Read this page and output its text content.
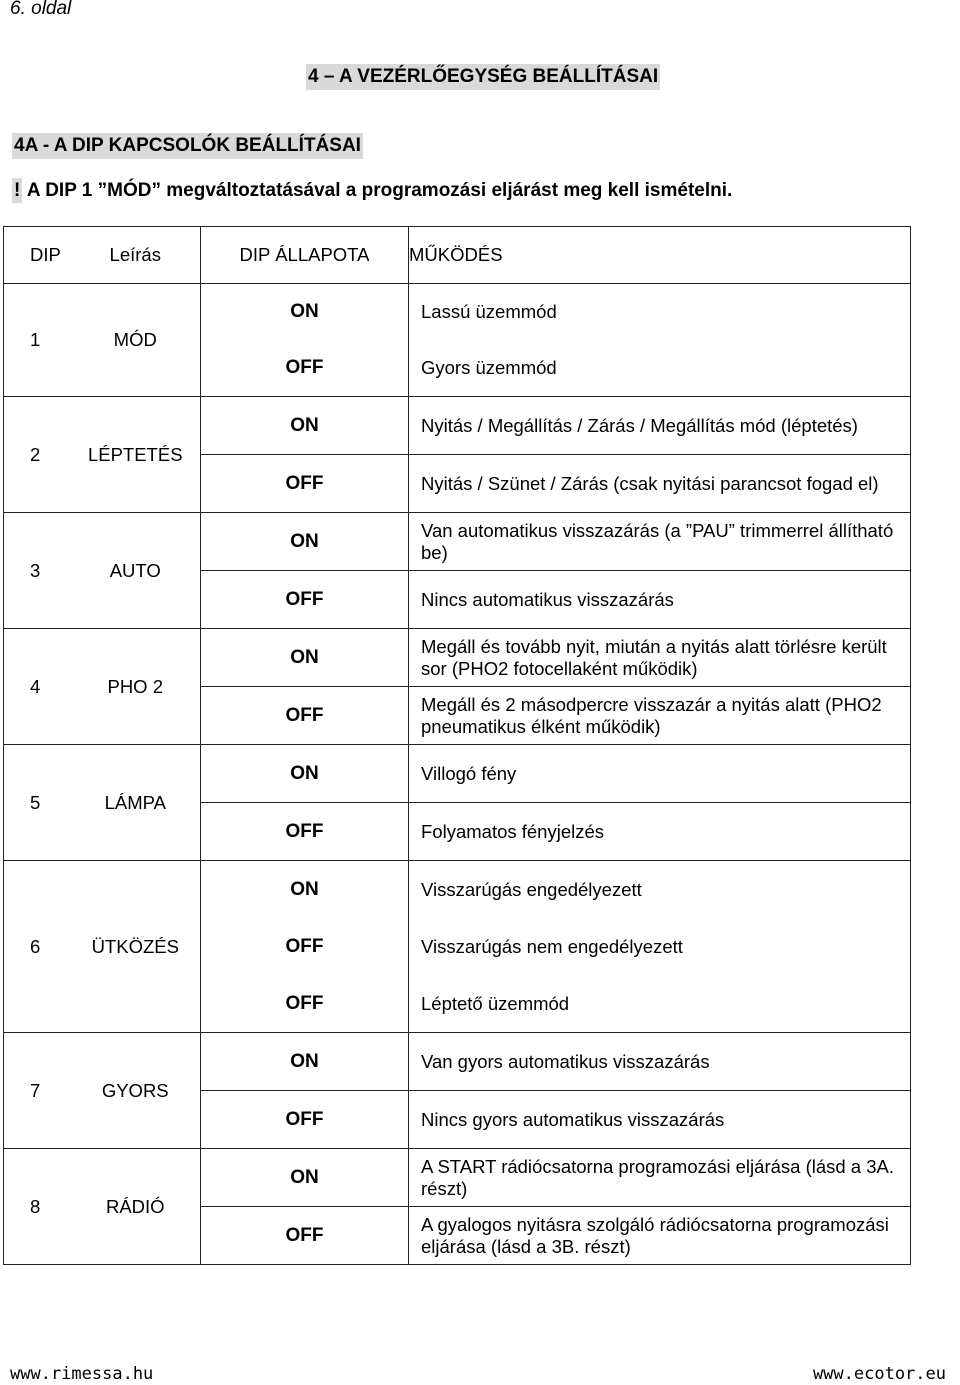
6. oldal
4 – A VEZÉRLŐEGYSÉG BEÁLLÍTÁSAI
4A - A DIP KAPCSOLÓK BEÁLLÍTÁSAI
! A DIP 1 ”MÓD” megváltoztatásával a programozási eljárást meg kell ismételni.
DIP	Leírás	DIP ÁLLAPOTA	MŰKÖDÉS
1	MÓD	ON	Lassú üzemmód
		OFF	Gyors üzemmód
2	LÉPTETÉS	ON	Nyitás / Megállítás / Zárás / Megállítás mód (léptetés)
		OFF	Nyitás / Szünet / Zárás (csak nyitási parancsot fogad el)
3	AUTO	ON	Van automatikus visszazárás (a ”PAU” trimmerrel állítható be)
		OFF	Nincs automatikus visszazárás
4	PHO 2	ON	Megáll és tovább nyit, miután a nyitás alatt törlésre került sor (PHO2 fotocellaként működik)
		OFF	Megáll és 2 másodpercre visszazár a nyitás alatt (PHO2 pneumatikus élként működik)
5	LÁMPA	ON	Villogó fény
		OFF	Folyamatos fényjelzés
6	ÜTKÖZÉS	ON	Visszarúgás engedélyezett
		OFF	Visszarúgás nem engedélyezett
		OFF	Léptető üzemmód
7	GYORS	ON	Van gyors automatikus visszazárás
		OFF	Nincs gyors automatikus visszazárás
8	RÁDIÓ	ON	A START rádiócsatorna programozási eljárása (lásd a 3A. részt)
		OFF	A gyalogos nyitásra szolgáló rádiócsatorna programozási eljárása (lásd a 3B. részt)
www.rimessa.hu	www.ecotor.eu
